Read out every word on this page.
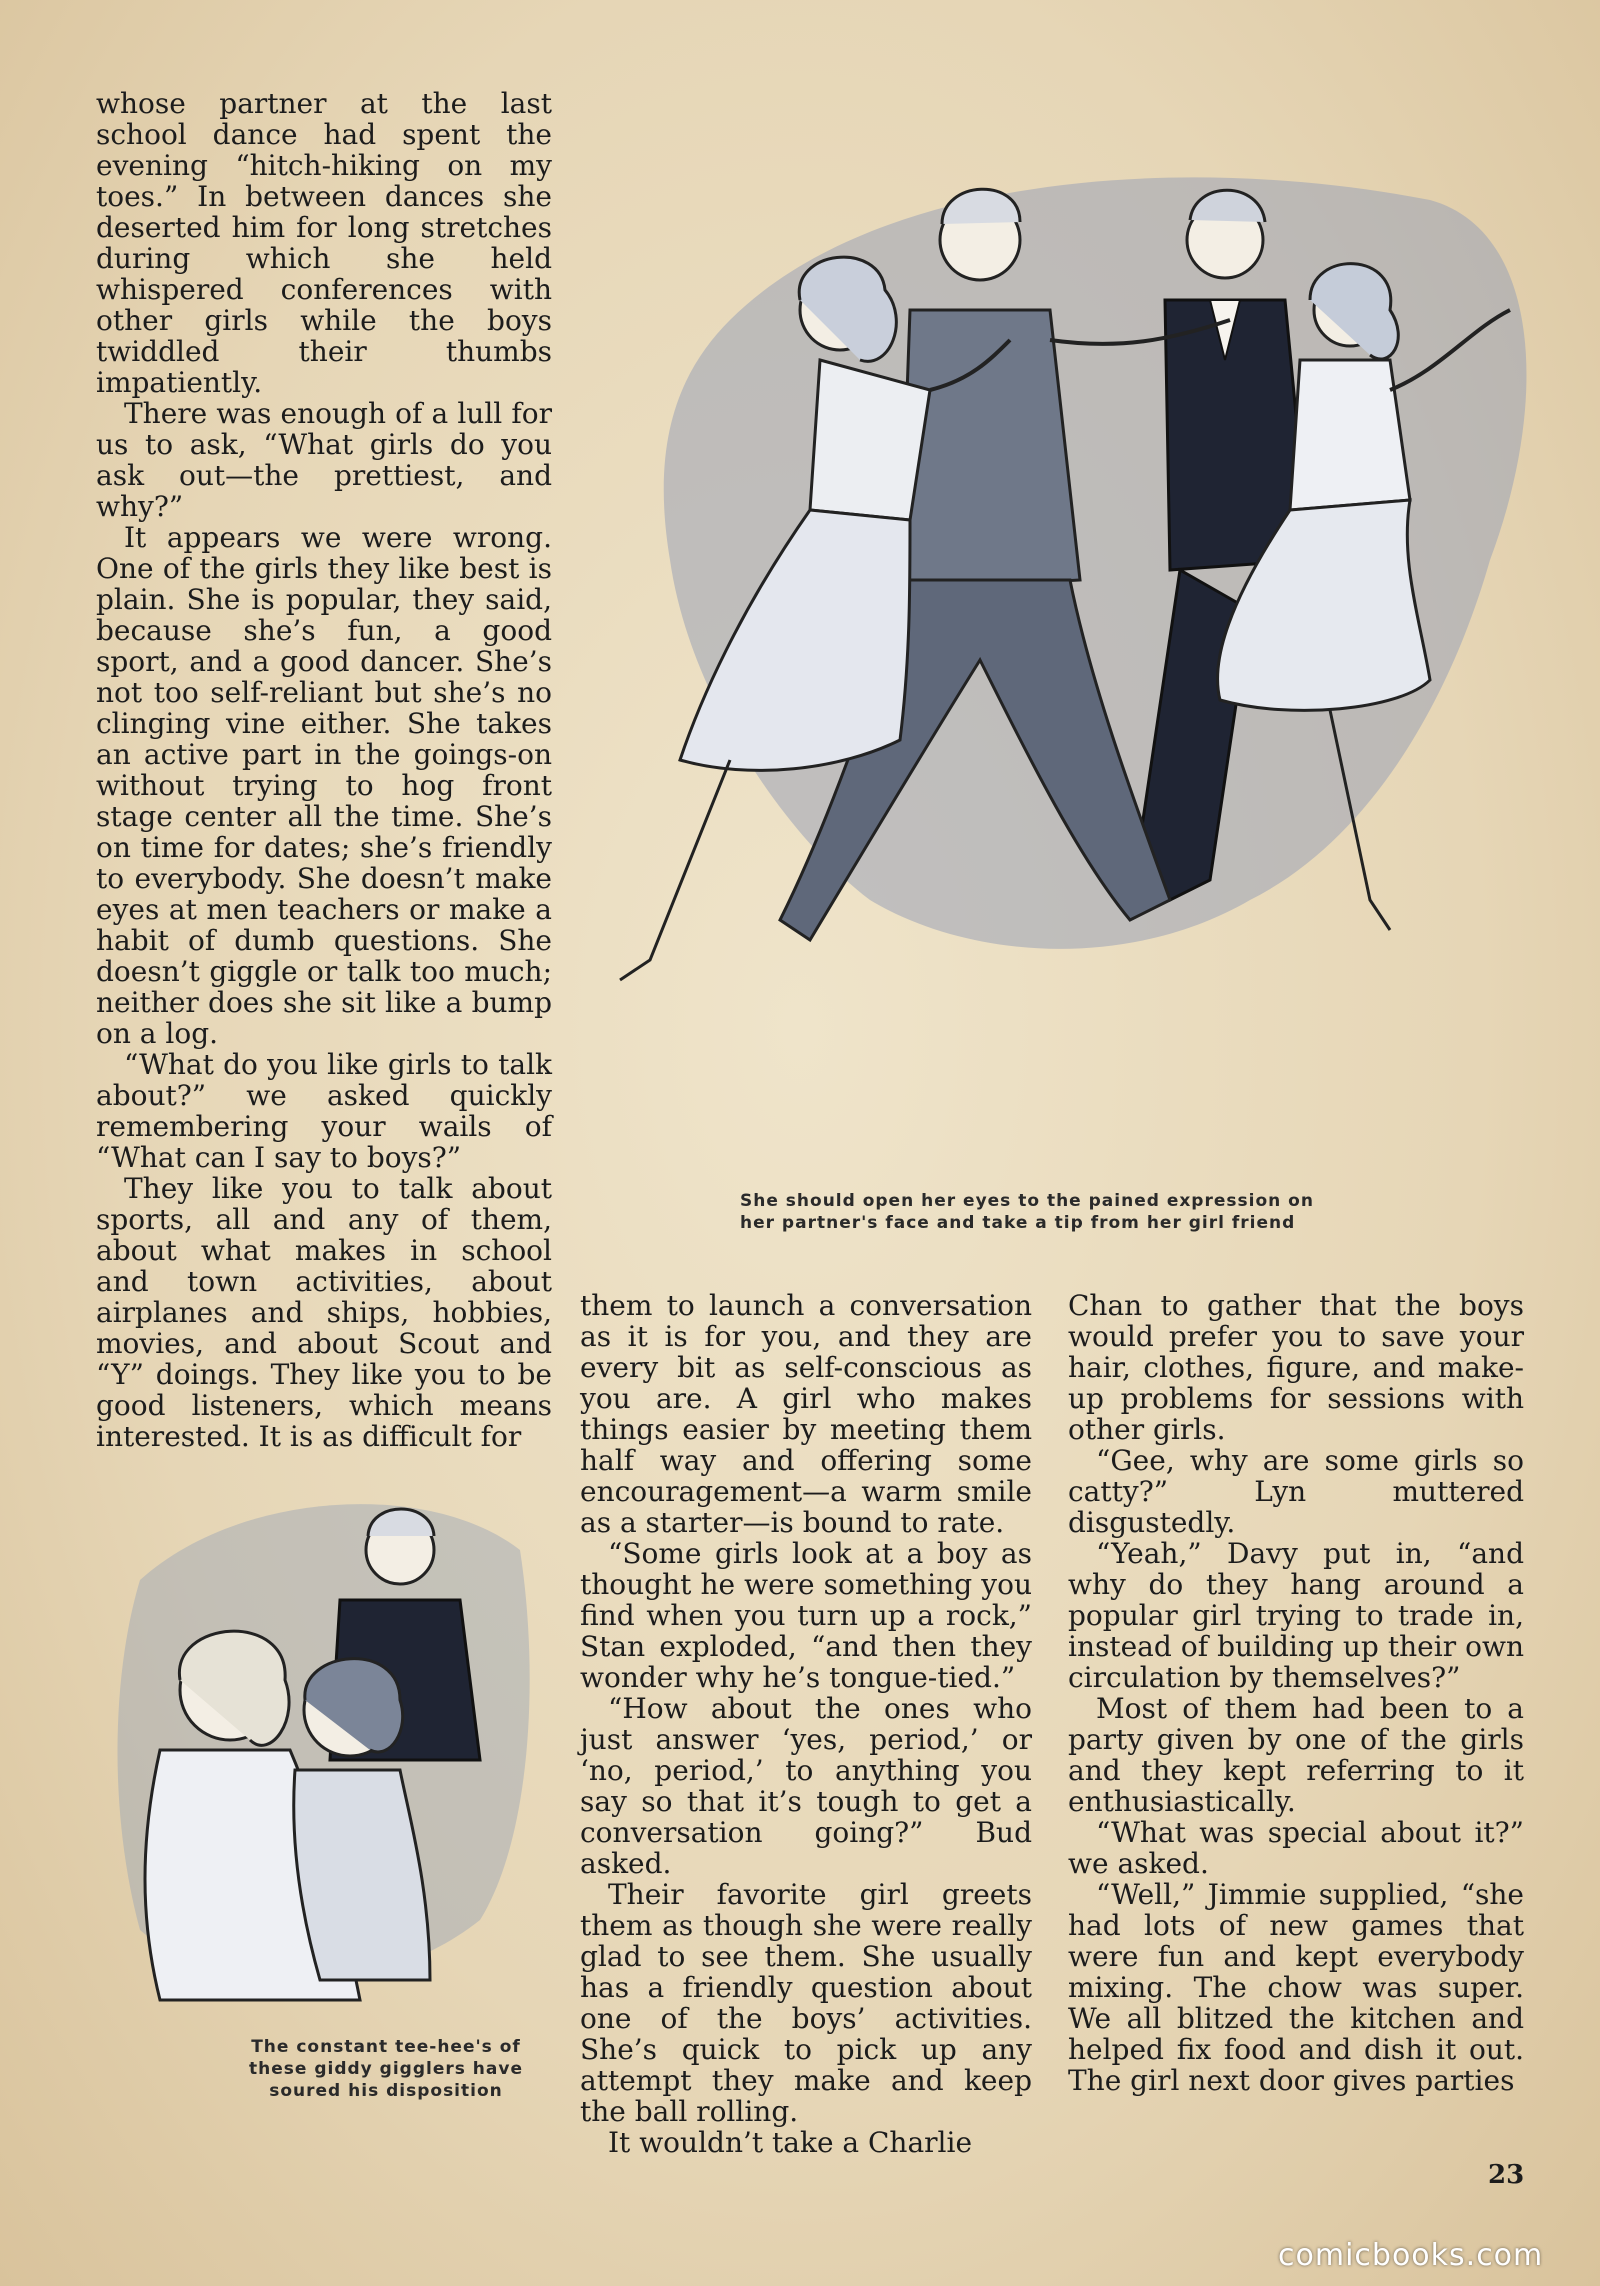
whose partner at the last school dance had spent the evening “hitch-hiking on my toes.” In between dances she deserted him for long stretches during which she held whispered conferences with other girls while the boys twiddled their thumbs impatiently.

There was enough of a lull for us to ask, “What girls do you ask out—the prettiest, and why?”

It appears we were wrong. One of the girls they like best is plain. She is popular, they said, because she’s fun, a good sport, and a good dancer. She’s not too self-reliant but she’s no clinging vine either. She takes an active part in the goings-on without trying to hog front stage center all the time. She’s on time for dates; she’s friendly to everybody. She doesn’t make eyes at men teachers or make a habit of dumb questions. She doesn’t giggle or talk too much; neither does she sit like a bump on a log.

“What do you like girls to talk about?” we asked quickly remembering your wails of “What can I say to boys?”

They like you to talk about sports, all and any of them, about what makes in school and town activities, about airplanes and ships, hobbies, movies, and about Scout and “Y” doings. They like you to be good listeners, which means interested. It is as difficult for

She should open her eyes to the pained expression on
her partner's face and take a tip from her girl friend

them to launch a conversation as it is for you, and they are every bit as self-conscious as you are. A girl who makes things easier by meeting them half way and offering some encouragement—a warm smile as a starter—is bound to rate.

“Some girls look at a boy as thought he were something you find when you turn up a rock,” Stan exploded, “and then they wonder why he’s tongue-tied.”

“How about the ones who just answer ‘yes, period,’ or ‘no, period,’ to anything you say so that it’s tough to get a conversation going?” Bud asked.

Their favorite girl greets them as though she were really glad to see them. She usually has a friendly question about one of the boys’ activities. She’s quick to pick up any attempt they make and keep the ball rolling.

It wouldn’t take a Charlie

Chan to gather that the boys would prefer you to save your hair, clothes, figure, and make-up problems for sessions with other girls.

“Gee, why are some girls so catty?” Lyn muttered disgustedly.

“Yeah,” Davy put in, “and why do they hang around a popular girl trying to trade in, instead of building up their own circulation by themselves?”

Most of them had been to a party given by one of the girls and they kept referring to it enthusiastically.

“What was special about it?” we asked.

“Well,” Jimmie supplied, “she had lots of new games that were fun and kept everybody mixing. The chow was super. We all blitzed the kitchen and helped fix food and dish it out. The girl next door gives parties

The constant tee-hee's of
these giddy gigglers have
soured his disposition
23
comicbooks.com
